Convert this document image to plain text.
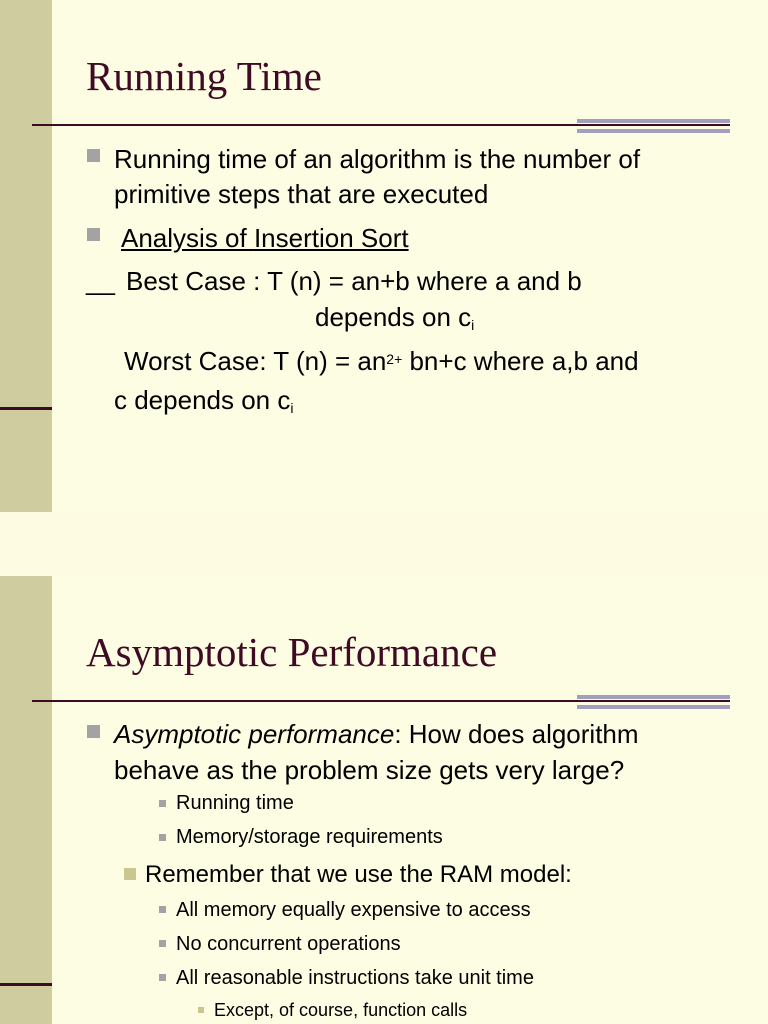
Running Time
Running time of an algorithm is the number of
primitive steps that are executed
Analysis of Insertion Sort
__ Best Case : T (n) = an+b where a and b
depends on $c_i$
Worst Case: T $(n) = an^{2+}$ bn+c where a,b and
c depends on $c_i$
Asymptotic Performance
Asymptotic performance: How does algorithm
behave as the problem size gets very large?
Running time
Memory/storage requirements
Remember that we use the RAM model:
All memory equally expensive to access
No concurrent operations
All reasonable instructions take unit time
Except, of course, function calls
